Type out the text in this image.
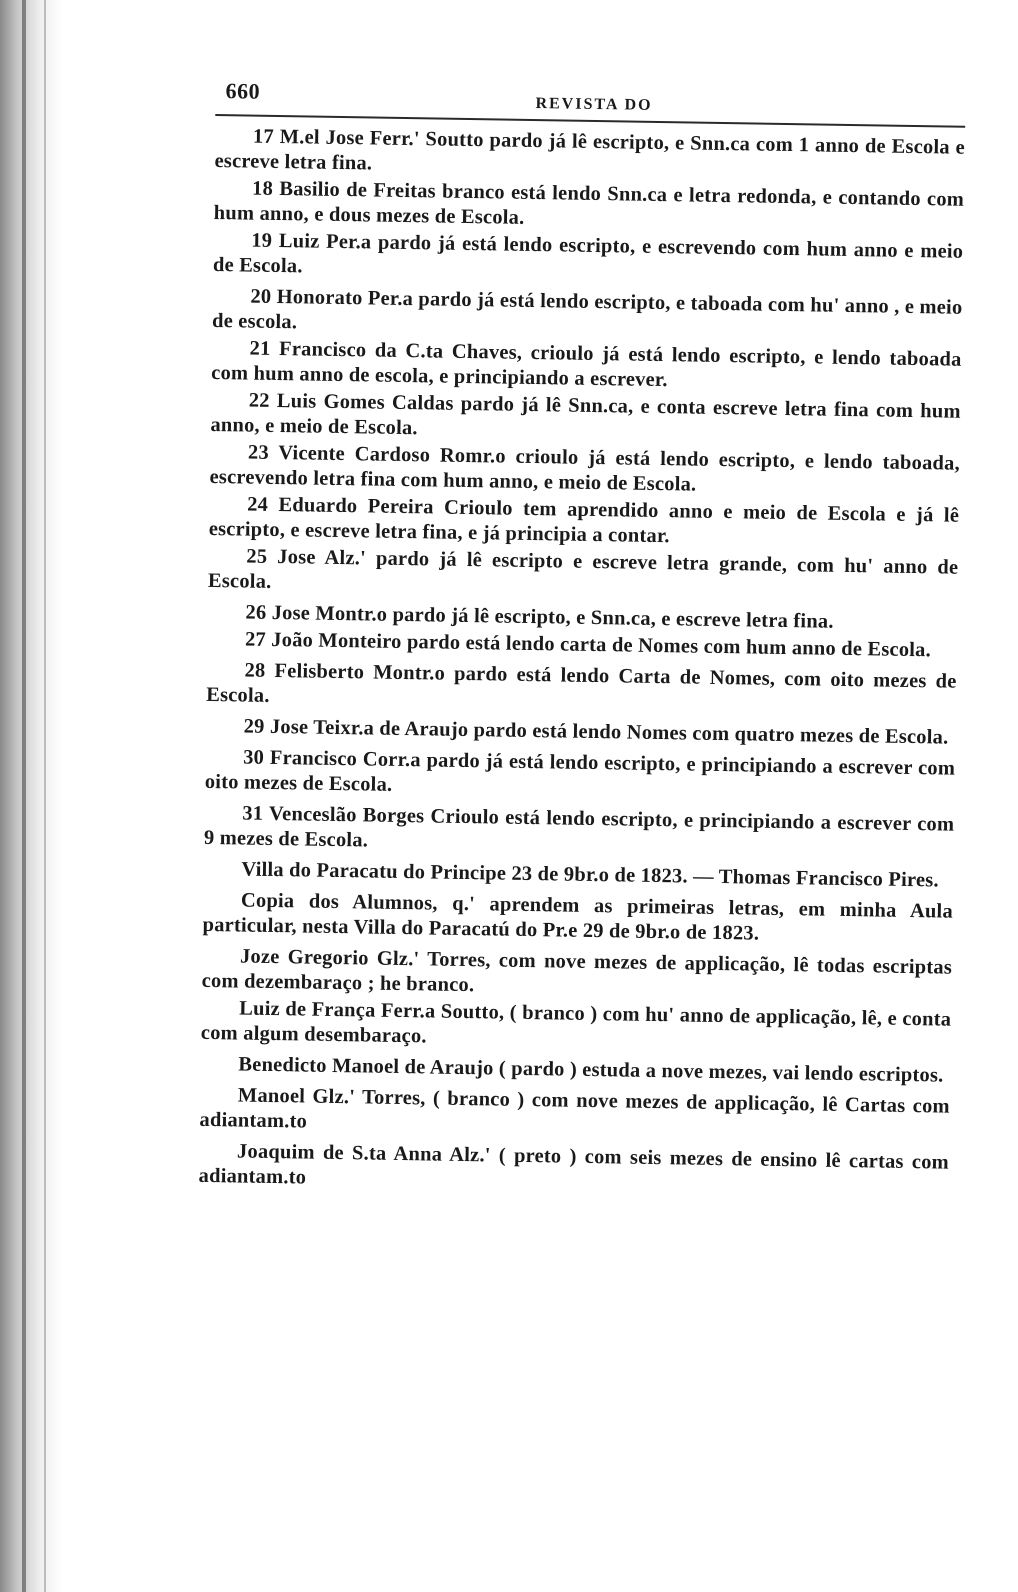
660
REVISTA DO

17 M.el Jose Ferr.' Soutto pardo já lê escripto, e Snn.ca com 1 anno de Escola e escreve letra fina.

18 Basilio de Freitas branco está lendo Snn.ca e letra redonda, e contando com hum anno, e dous mezes de Escola.

19 Luiz Per.a pardo já está lendo escripto, e escrevendo com hum anno e meio de Escola.

20 Honorato Per.a pardo já está lendo escripto, e taboada com hu' anno , e meio de escola.

21 Francisco da C.ta Chaves, crioulo já está lendo escripto, e lendo taboada com hum anno de escola, e principiando a escrever.

22 Luis Gomes Caldas pardo já lê Snn.ca, e conta escreve letra fina com hum anno, e meio de Escola.

23 Vicente Cardoso Romr.o crioulo já está lendo escripto, e lendo taboada, escrevendo letra fina com hum anno, e meio de Escola.

24 Eduardo Pereira Crioulo tem aprendido anno e meio de Escola e já lê escripto, e escreve letra fina, e já principia a contar.

25 Jose Alz.' pardo já lê escripto e escreve letra grande, com hu' anno de Escola.

26 Jose Montr.o pardo já lê escripto, e Snn.ca, e escreve letra fina.

27 João Monteiro pardo está lendo carta de Nomes com hum anno de Escola.

28 Felisberto Montr.o pardo está lendo Carta de Nomes, com oito mezes de Escola.

29 Jose Teixr.a de Araujo pardo está lendo Nomes com quatro mezes de Escola.

30 Francisco Corr.a pardo já está lendo escripto, e principiando a escrever com oito mezes de Escola.

31 Venceslão Borges Crioulo está lendo escripto, e principiando a escrever com 9 mezes de Escola.

Villa do Paracatu do Principe 23 de 9br.o de 1823. — Thomas Francisco Pires.

Copia dos Alumnos, q.' aprendem as primeiras letras, em minha Aula particular, nesta Villa do Paracatú do Pr.e 29 de 9br.o de 1823.

Joze Gregorio Glz.' Torres, com nove mezes de applicação, lê todas escriptas com dezembaraço ; he branco.

Luiz de França Ferr.a Soutto, ( branco ) com hu' anno de applicação, lê, e conta com algum desembaraço.

Benedicto Manoel de Araujo ( pardo ) estuda a nove mezes, vai lendo escriptos.

Manoel Glz.' Torres, ( branco ) com nove mezes de applicação, lê Cartas com adiantam.to

Joaquim de S.ta Anna Alz.' ( preto ) com seis mezes de ensino lê cartas com adiantam.to
